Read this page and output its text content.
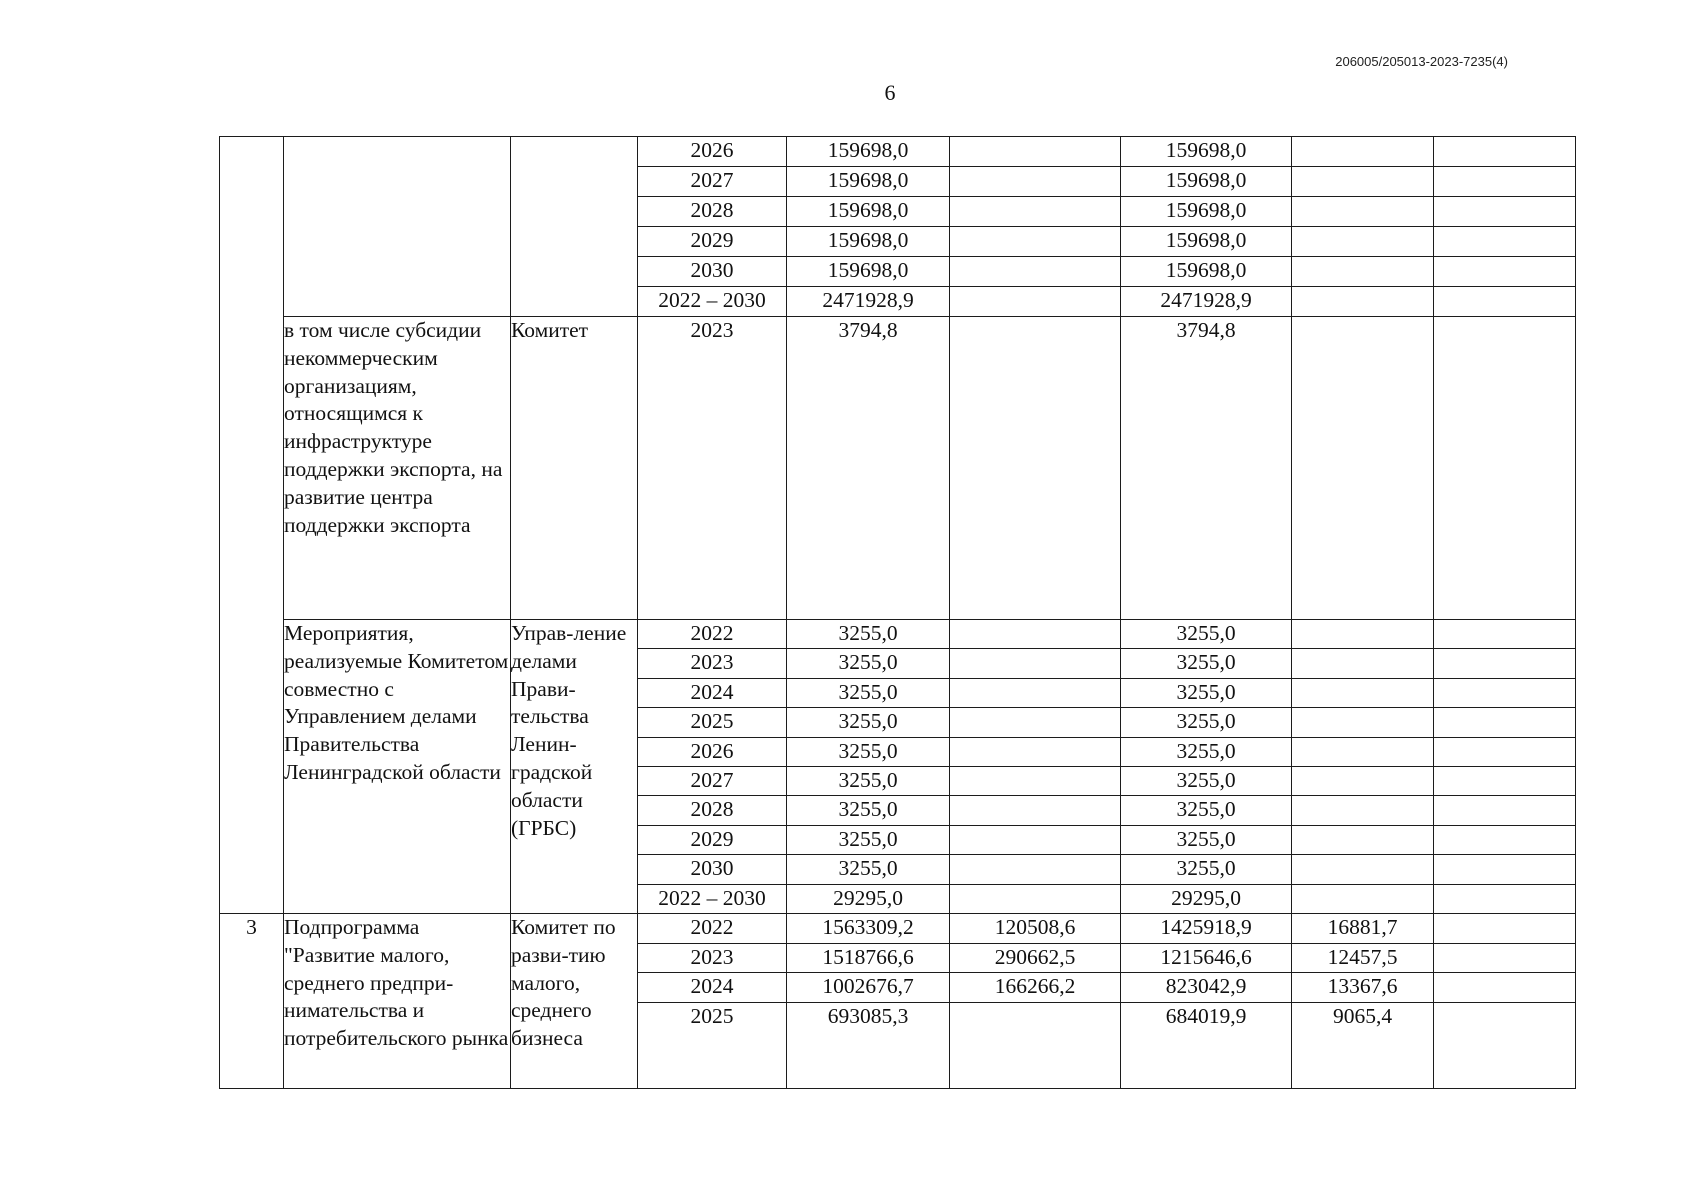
206005/205013-2023-7235(4)
6
			2026	159698,0		159698,0		
			2027	159698,0		159698,0		
			2028	159698,0		159698,0		
			2029	159698,0		159698,0		
			2030	159698,0		159698,0		
			2022 – 2030	2471928,9		2471928,9		
	в том числе субсидии некоммерческим организациям, относящимся к инфраструктуре поддержки экспорта, на развитие центра поддержки экспорта	Комитет	2023	3794,8		3794,8		
	Мероприятия, реализуемые Комитетом совместно с Управлением делами Правительства Ленинградской области	Управ-ление делами Прави-тельства Ленин-градской области (ГРБС)	2022	3255,0		3255,0		
			2023	3255,0		3255,0		
			2024	3255,0		3255,0		
			2025	3255,0		3255,0		
			2026	3255,0		3255,0		
			2027	3255,0		3255,0		
			2028	3255,0		3255,0		
			2029	3255,0		3255,0		
			2030	3255,0		3255,0		
			2022 – 2030	29295,0		29295,0		
3	Подпрограмма "Развитие малого, среднего предпри-нимательства и потребительского рынка	Комитет по разви-тию малого, среднего бизнеса	2022	1563309,2	120508,6	1425918,9	16881,7	
			2023	1518766,6	290662,5	1215646,6	12457,5	
			2024	1002676,7	166266,2	823042,9	13367,6	
			2025	693085,3		684019,9	9065,4	
